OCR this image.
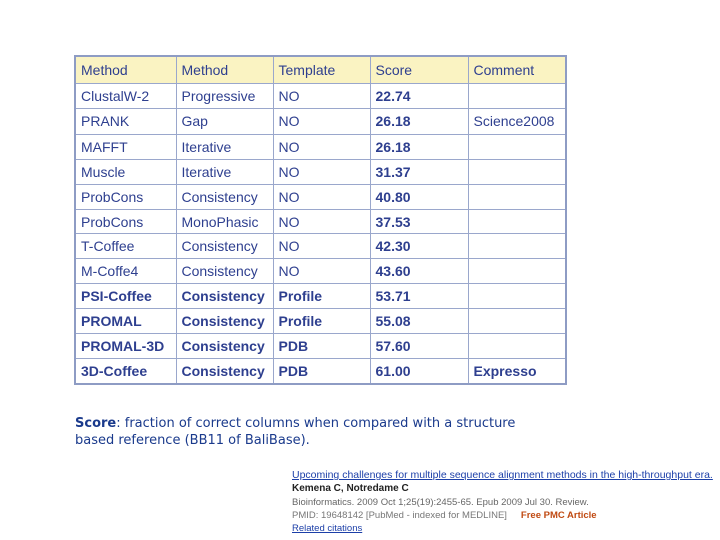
Method	Method	Template	Score	Comment
ClustalW-2	Progressive	NO	22.74	
PRANK	Gap	NO	26.18	Science2008
MAFFT	Iterative	NO	26.18	
Muscle	Iterative	NO	31.37	
ProbCons	Consistency	NO	40.80	
ProbCons	MonoPhasic	NO	37.53	
T-Coffee	Consistency	NO	42.30	
M-Coffe4	Consistency	NO	43.60	
PSI-Coffee	Consistency	Profile	53.71	
PROMAL	Consistency	Profile	55.08	
PROMAL-3D	Consistency	PDB	57.60	
3D-Coffee	Consistency	PDB	61.00	Expresso

Score: fraction of correct columns when compared with a structure based reference (BB11 of BaliBase).

Upcoming challenges for multiple sequence alignment methods in the high-throughput era.
Kemena C, Notredame C
Bioinformatics. 2009 Oct 1;25(19):2455-65. Epub 2009 Jul 30. Review.
PMID: 19648142 [PubMed - indexed for MEDLINE] Free PMC Article
Related citations
